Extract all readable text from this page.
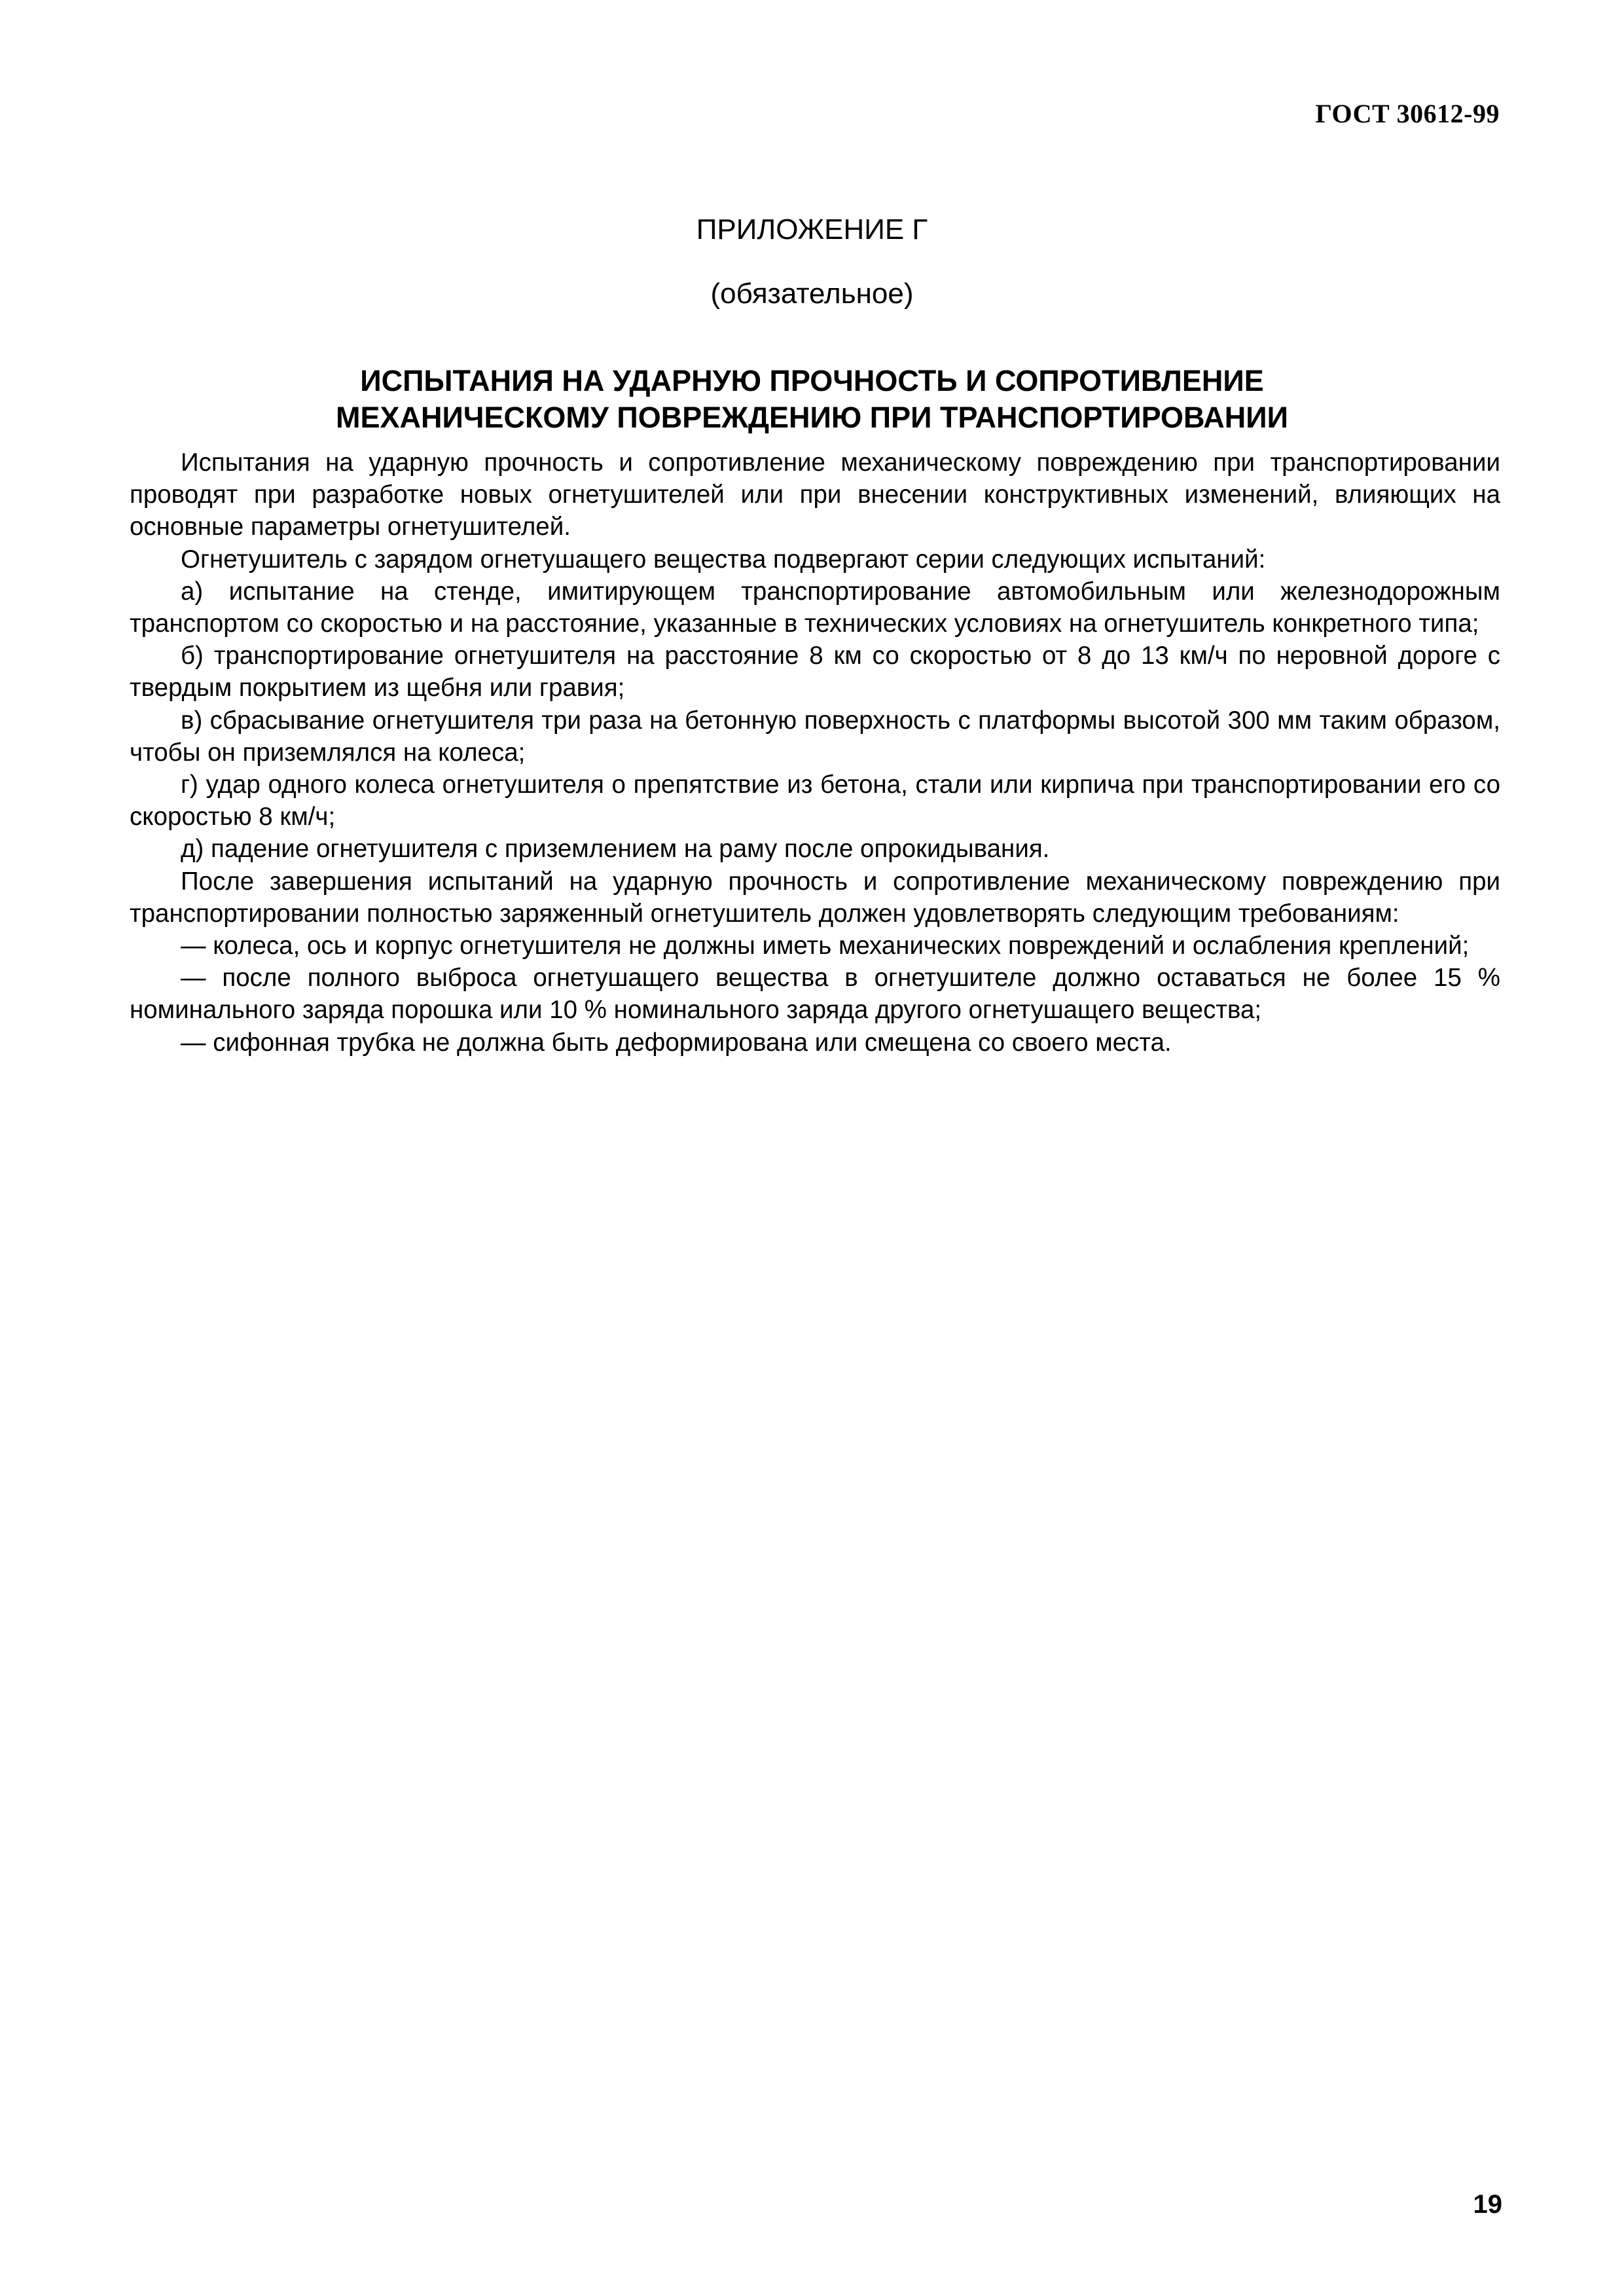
ГОСТ 30612-99
ПРИЛОЖЕНИЕ Г
(обязательное)
ИСПЫТАНИЯ НА УДАРНУЮ ПРОЧНОСТЬ И СОПРОТИВЛЕНИЕ
МЕХАНИЧЕСКОМУ ПОВРЕЖДЕНИЮ ПРИ ТРАНСПОРТИРОВАНИИ

Испытания на ударную прочность и сопротивление механическому повреждению при транспортировании проводят при разработке новых огнетушителей или при внесении конструктивных изменений, влияющих на основные параметры огнетушителей.

Огнетушитель с зарядом огнетушащего вещества подвергают серии следующих испытаний:

а) испытание на стенде, имитирующем транспортирование автомобильным или железнодорожным транспортом со скоростью и на расстояние, указанные в технических условиях на огнетушитель конкретного типа;

б) транспортирование огнетушителя на расстояние 8 км со скоростью от 8 до 13 км/ч по неровной дороге с твердым покрытием из щебня или гравия;

в) сбрасывание огнетушителя три раза на бетонную поверхность с платформы высотой 300 мм таким образом, чтобы он приземлялся на колеса;

г) удар одного колеса огнетушителя о препятствие из бетона, стали или кирпича при транспортировании его со скоростью 8 км/ч;

д) падение огнетушителя с приземлением на раму после опрокидывания.

После завершения испытаний на ударную прочность и сопротивление механическому повреждению при транспортировании полностью заряженный огнетушитель должен удовлетворять следующим требованиям:

— колеса, ось и корпус огнетушителя не должны иметь механических повреждений и ослабления креплений;

— после полного выброса огнетушащего вещества в огнетушителе должно оставаться не более 15 % номинального заряда порошка или 10 % номинального заряда другого огнетушащего вещества;

— сифонная трубка не должна быть деформирована или смещена со своего места.

19
